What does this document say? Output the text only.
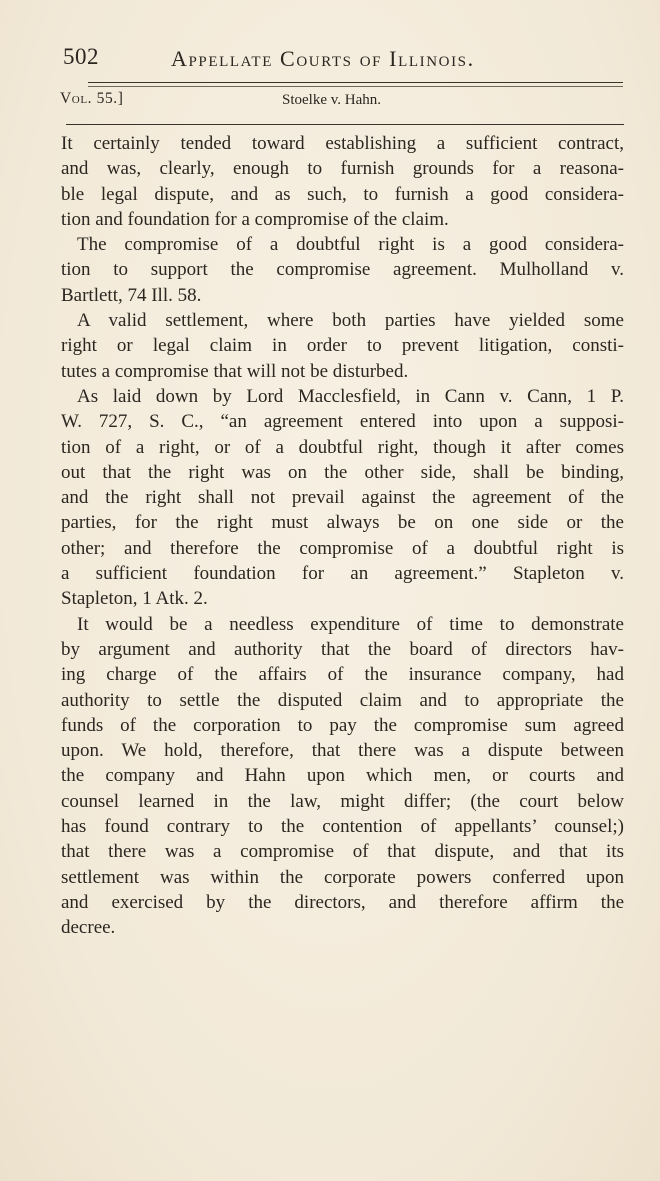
502	Appellate Courts of Illinois.
Vol. 55.]	Stoelke v. Hahn.
It certainly tended toward establishing a sufficient contract,
and was, clearly, enough to furnish grounds for a reasona-
ble legal dispute, and as such, to furnish a good considera-
tion and foundation for a compromise of the claim.
The compromise of a doubtful right is a good considera-
tion to support the compromise agreement. Mulholland v.
Bartlett, 74 Ill. 58.
A valid settlement, where both parties have yielded some
right or legal claim in order to prevent litigation, consti-
tutes a compromise that will not be disturbed.
As laid down by Lord Macclesfield, in Cann v. Cann, 1 P.
W. 727, S. C., “an agreement entered into upon a supposi-
tion of a right, or of a doubtful right, though it after comes
out that the right was on the other side, shall be binding,
and the right shall not prevail against the agreement of the
parties, for the right must always be on one side or the
other; and therefore the compromise of a doubtful right is
a sufficient foundation for an agreement.” Stapleton v.
Stapleton, 1 Atk. 2.
It would be a needless expenditure of time to demonstrate
by argument and authority that the board of directors hav-
ing charge of the affairs of the insurance company, had
authority to settle the disputed claim and to appropriate the
funds of the corporation to pay the compromise sum agreed
upon. We hold, therefore, that there was a dispute between
the company and Hahn upon which men, or courts and
counsel learned in the law, might differ; (the court below
has found contrary to the contention of appellants’ counsel;)
that there was a compromise of that dispute, and that its
settlement was within the corporate powers conferred upon
and exercised by the directors, and therefore affirm the
decree.
